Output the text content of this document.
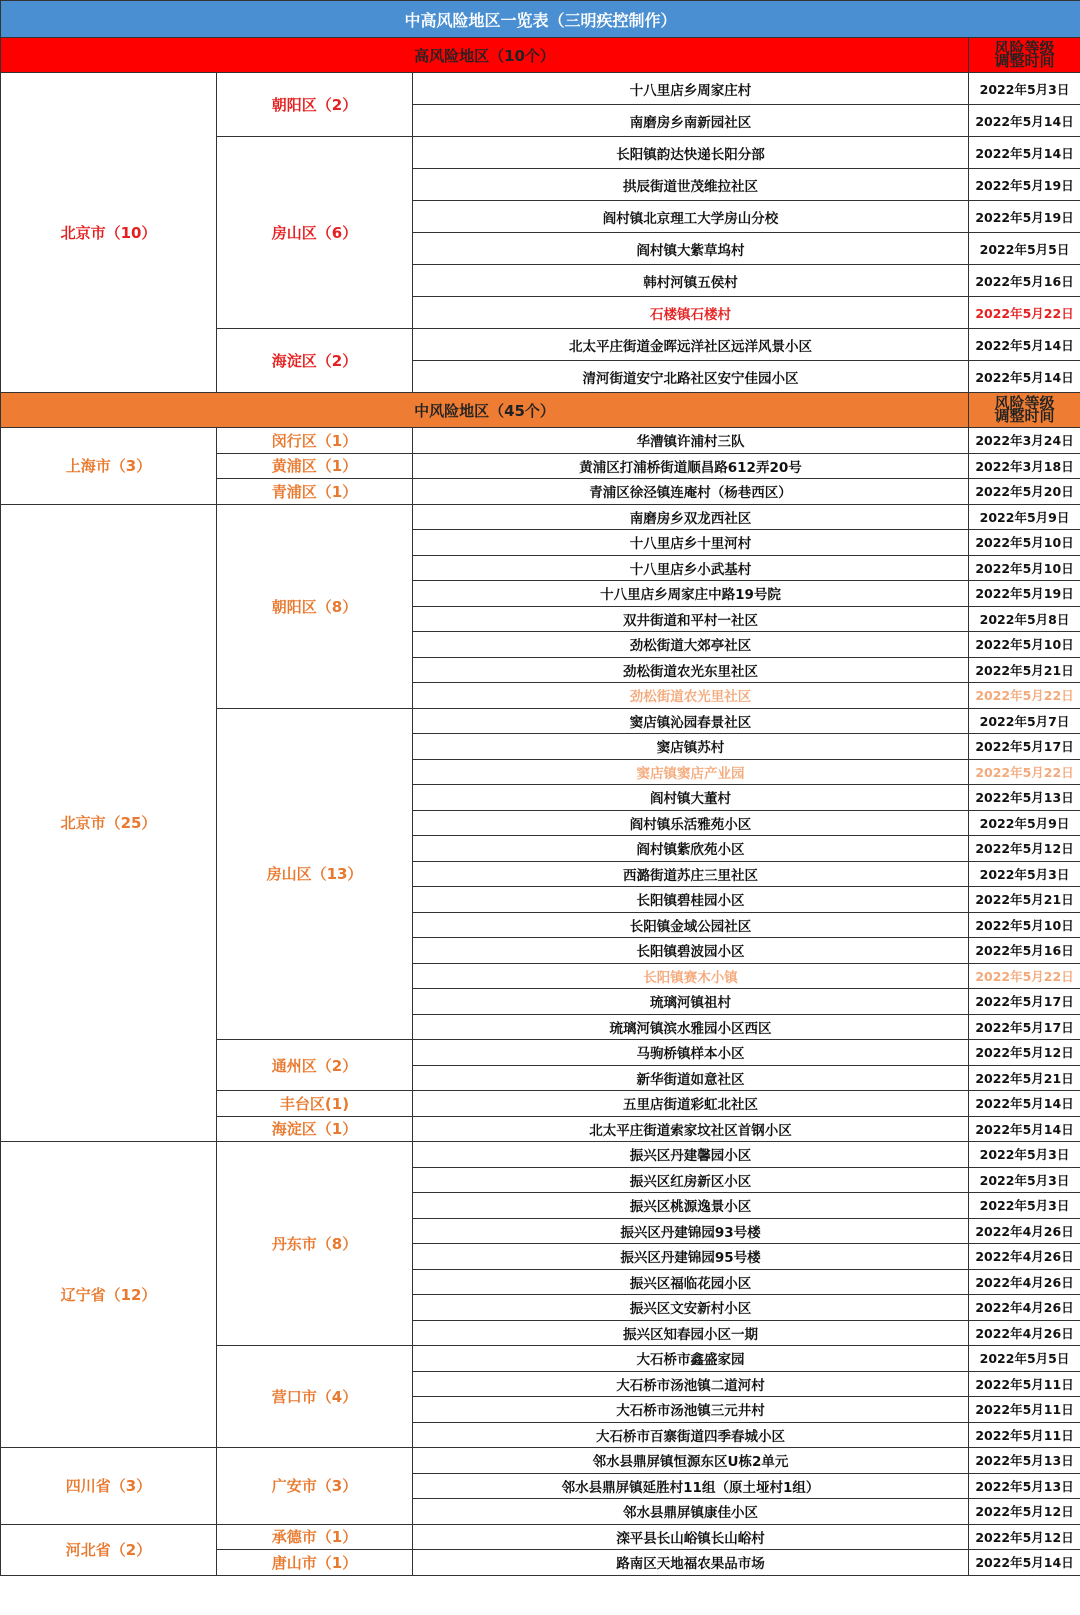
中高风险地区一览表（三明疾控制作）			
高风险地区（10个）			风险等级
调整时间
北京市（10）	朝阳区（2）	十八里店乡周家庄村	2022年5月3日
		南磨房乡南新园社区	2022年5月14日
	房山区（6）	长阳镇韵达快递长阳分部	2022年5月14日
		拱辰街道世茂维拉社区	2022年5月19日
		阎村镇北京理工大学房山分校	2022年5月19日
		阎村镇大紫草坞村	2022年5月5日
		韩村河镇五侯村	2022年5月16日
		石楼镇石楼村	2022年5月22日
	海淀区（2）	北太平庄街道金晖远洋社区远洋风景小区	2022年5月14日
		清河街道安宁北路社区安宁佳园小区	2022年5月14日
中风险地区（45个）			风险等级
调整时间
上海市（3）	闵行区（1）	华漕镇许浦村三队	2022年3月24日
	黄浦区（1）	黄浦区打浦桥街道顺昌路612弄20号	2022年3月18日
	青浦区（1）	青浦区徐泾镇连庵村（杨巷西区）	2022年5月20日
北京市（25）	朝阳区（8）	南磨房乡双龙西社区	2022年5月9日
		十八里店乡十里河村	2022年5月10日
		十八里店乡小武基村	2022年5月10日
		十八里店乡周家庄中路19号院	2022年5月19日
		双井街道和平村一社区	2022年5月8日
		劲松街道大郊亭社区	2022年5月10日
		劲松街道农光东里社区	2022年5月21日
		劲松街道农光里社区	2022年5月22日
	房山区（13）	窦店镇沁园春景社区	2022年5月7日
		窦店镇苏村	2022年5月17日
		窦店镇窦店产业园	2022年5月22日
		阎村镇大董村	2022年5月13日
		阎村镇乐活雅苑小区	2022年5月9日
		阎村镇紫欣苑小区	2022年5月12日
		西潞街道苏庄三里社区	2022年5月3日
		长阳镇碧桂园小区	2022年5月21日
		长阳镇金域公园社区	2022年5月10日
		长阳镇碧波园小区	2022年5月16日
		长阳镇赛木小镇	2022年5月22日
		琉璃河镇祖村	2022年5月17日
		琉璃河镇滨水雅园小区西区	2022年5月17日
	通州区（2）	马驹桥镇样本小区	2022年5月12日
		新华街道如意社区	2022年5月21日
	丰台区(1)	五里店街道彩虹北社区	2022年5月14日
	海淀区（1）	北太平庄街道索家坟社区首钢小区	2022年5月14日
辽宁省（12）	丹东市（8）	振兴区丹建馨园小区	2022年5月3日
		振兴区红房新区小区	2022年5月3日
		振兴区桃源逸景小区	2022年5月3日
		振兴区丹建锦园93号楼	2022年4月26日
		振兴区丹建锦园95号楼	2022年4月26日
		振兴区福临花园小区	2022年4月26日
		振兴区文安新村小区	2022年4月26日
		振兴区知春园小区一期	2022年4月26日
	营口市（4）	大石桥市鑫盛家园	2022年5月5日
		大石桥市汤池镇二道河村	2022年5月11日
		大石桥市汤池镇三元井村	2022年5月11日
		大石桥市百寨街道四季春城小区	2022年5月11日
四川省（3）	广安市（3）	邻水县鼎屏镇恒源东区U栋2单元	2022年5月13日
		邻水县鼎屏镇延胜村11组（原土垭村1组）	2022年5月13日
		邻水县鼎屏镇康佳小区	2022年5月12日
河北省（2）	承德市（1）	滦平县长山峪镇长山峪村	2022年5月12日
	唐山市（1）	路南区天地福农果品市场	2022年5月14日
